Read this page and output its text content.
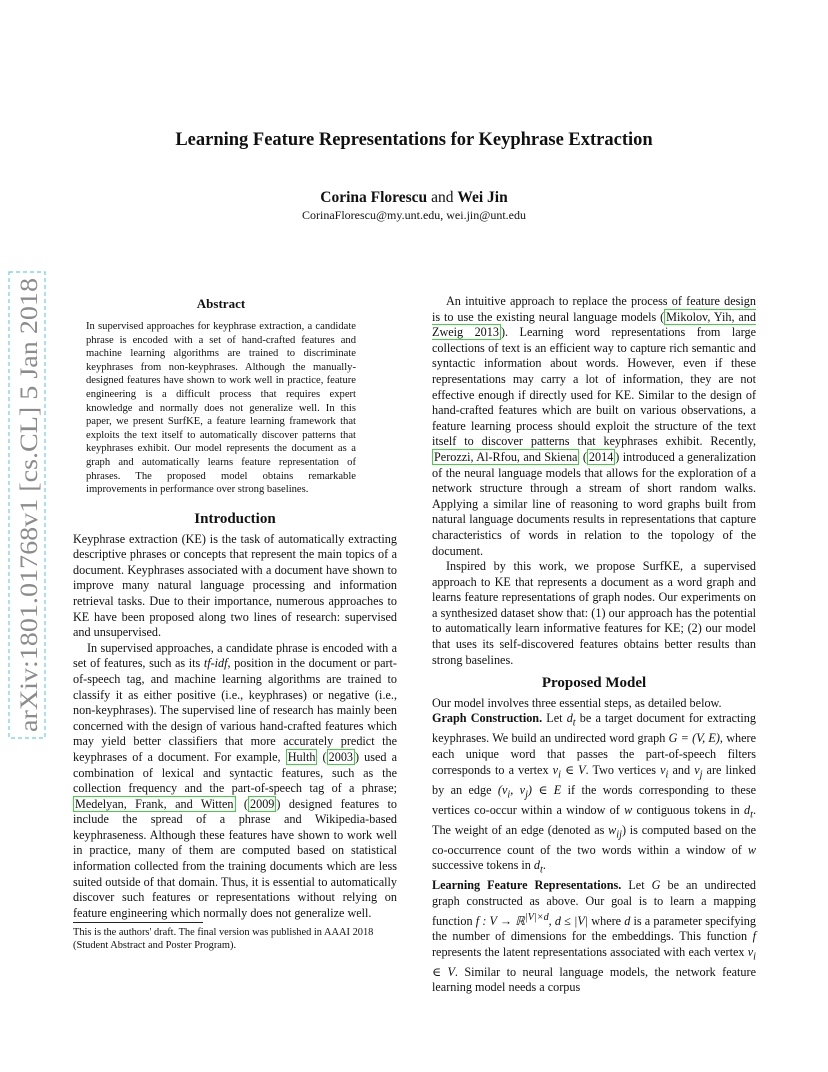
Learning Feature Representations for Keyphrase Extraction
Corina Florescu and Wei Jin
CorinaFlorescu@my.unt.edu, wei.jin@unt.edu
arXiv:1801.01768v1 [cs.CL] 5 Jan 2018
Abstract

In supervised approaches for keyphrase extraction, a candidate phrase is encoded with a set of hand-crafted features and machine learning algorithms are trained to discriminate keyphrases from non-keyphrases. Although the manually-designed features have shown to work well in practice, feature engineering is a difficult process that requires expert knowledge and normally does not generalize well. In this paper, we present SurfKE, a feature learning framework that exploits the text itself to automatically discover patterns that keyphrases exhibit. Our model represents the document as a graph and automatically learns feature representation of phrases. The proposed model obtains remarkable improvements in performance over strong baselines.

Introduction

Keyphrase extraction (KE) is the task of automatically extracting descriptive phrases or concepts that represent the main topics of a document. Keyphrases associated with a document have shown to improve many natural language processing and information retrieval tasks. Due to their importance, numerous approaches to KE have been proposed along two lines of research: supervised and unsupervised.

In supervised approaches, a candidate phrase is encoded with a set of features, such as its tf-idf, position in the document or part-of-speech tag, and machine learning algorithms are trained to classify it as either positive (i.e., keyphrases) or negative (i.e., non-keyphrases). The supervised line of research has mainly been concerned with the design of various hand-crafted features which may yield better classifiers that more accurately predict the keyphrases of a document. For example, Hulth ( 2003 ) used a combination of lexical and syntactic features, such as the collection frequency and the part-of-speech tag of a phrase; Medelyan, Frank, and Witten ( 2009 ) designed features to include the spread of a phrase and Wikipedia-based keyphraseness. Although these features have shown to work well in practice, many of them are computed based on statistical information collected from the training documents which are less suited outside of that domain. Thus, it is essential to automatically discover such features or representations without relying on feature engineering which normally does not generalize well.

This is the authors' draft. The final version was published in AAAI 2018 (Student Abstract and Poster Program).

An intuitive approach to replace the process of feature design is to use the existing neural language models ( Mikolov, Yih, and Zweig 2013 ). Learning word representations from large collections of text is an efficient way to capture rich semantic and syntactic information about words. However, even if these representations may carry a lot of information, they are not effective enough if directly used for KE. Similar to the design of hand-crafted features which are built on various observations, a feature learning process should exploit the structure of the text itself to discover patterns that keyphrases exhibit. Recently, Perozzi, Al-Rfou, and Skiena ( 2014 ) introduced a generalization of the neural language models that allows for the exploration of a network structure through a stream of short random walks. Applying a similar line of reasoning to word graphs built from natural language documents results in representations that capture characteristics of words in relation to the topology of the document.

Inspired by this work, we propose SurfKE, a supervised approach to KE that represents a document as a word graph and learns feature representations of graph nodes. Our experiments on a synthesized dataset show that: (1) our approach has the potential to automatically learn informative features for KE; (2) our model that uses its self-discovered features obtains better results than strong baselines.

Proposed Model

Our model involves three essential steps, as detailed below.

Graph Construction. Let $d_t$ be a target document for extracting keyphrases. We build an undirected word graph G = (V, E), where each unique word that passes the part-of-speech filters corresponds to a vertex $v_i$ ∈ V. Two vertices $v_i$ and $v_j$ are linked by an edge ($v_i$, $v_j$) ∈ E if the words corresponding to these vertices co-occur within a window of w contiguous tokens in $d_t$. The weight of an edge (denoted as $w_{ij}$) is computed based on the co-occurrence count of the two words within a window of w successive tokens in $d_t$.

Learning Feature Representations. Let G be an undirected graph constructed as above. Our goal is to learn a mapping function f : V → ℝ$^{|V|\times d}$, d ≤ |V| where d is a parameter specifying the number of dimensions for the embeddings. This function f represents the latent representations associated with each vertex $v_i$ ∈ V. Similar to neural language models, the network feature learning model needs a corpus
